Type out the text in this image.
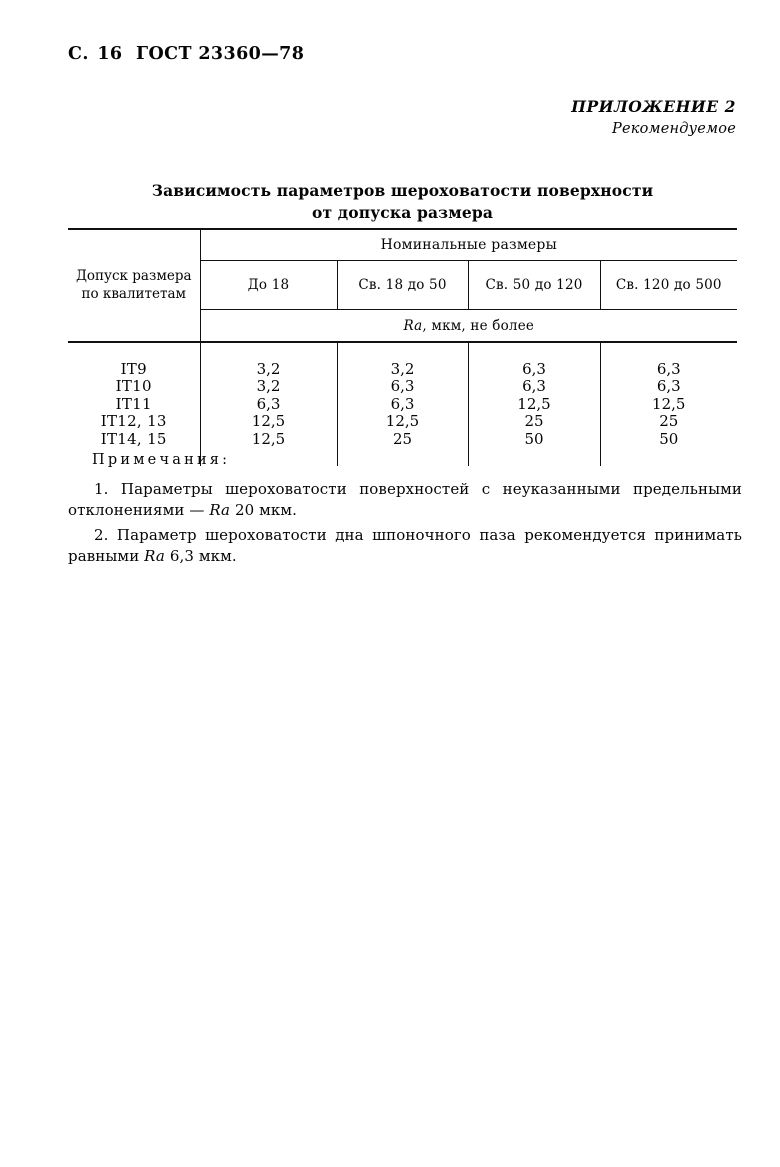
С. 16 ГОСТ 23360—78
ПРИЛОЖЕНИЕ 2
Рекомендуемое
Зависимость параметров шероховатости поверхности
от допуска размера
Допуск размера
по квалитетам	Номинальные размеры			
	До 18	Св. 18 до 50	Св. 50 до 120	Св. 120 до 500
	Ra, мкм, не более			

IT9	3,2	3,2	6,3	6,3
IT10	3,2	6,3	6,3	6,3
IT11	6,3	6,3	12,5	12,5
IT12, 13	12,5	12,5	25	25
IT14, 15	12,5	25	50	50

Примечания:

1. Параметры шероховатости поверхностей с неуказанными предельными отклонениями — Ra 20 мкм.

2. Параметр шероховатости дна шпоночного паза рекомендуется принимать равными Ra 6,3 мкм.
